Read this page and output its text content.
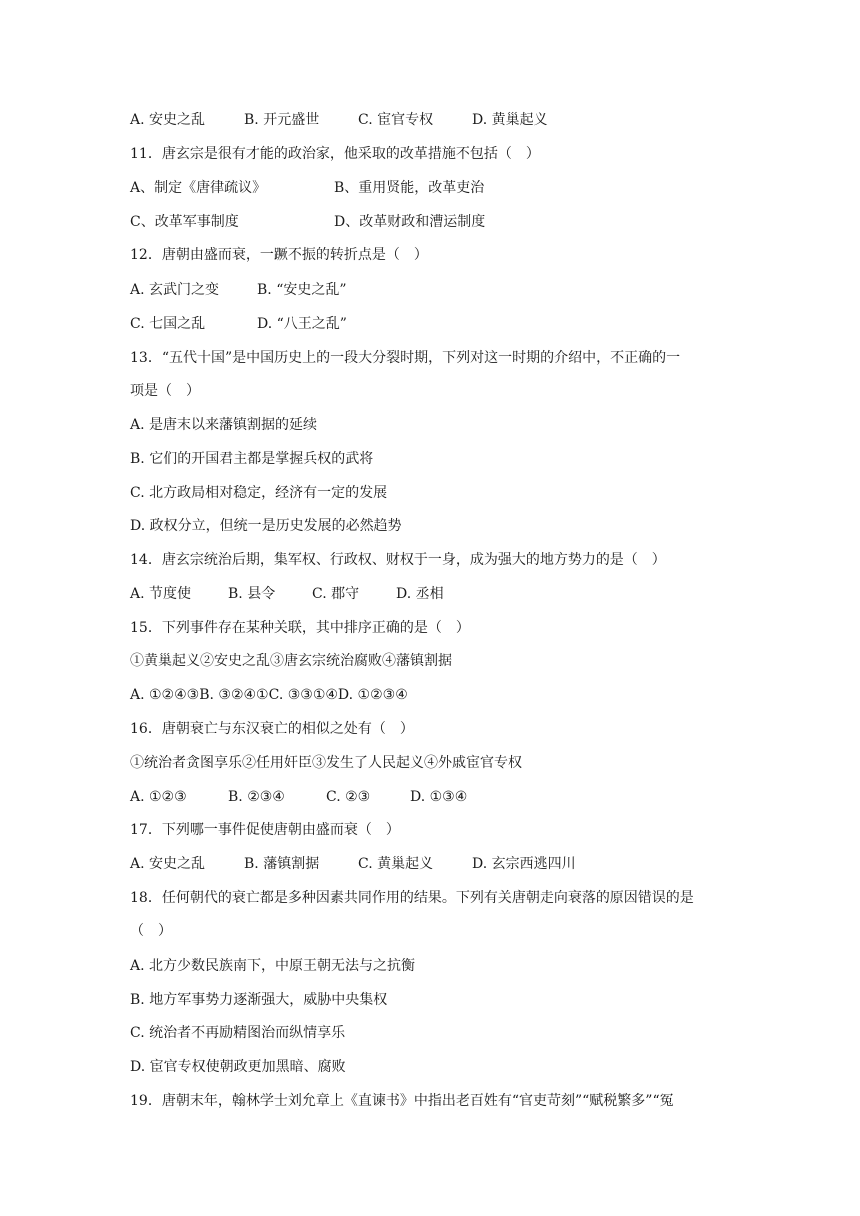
A. 安史之乱	B. 开元盛世	C. 宦官专权	D. 黄巢起义
11．唐玄宗是很有才能的政治家，他采取的改革措施不包括（　）
A、制定《唐律疏议》	B、重用贤能，改革吏治
C、改革军事制度	D、改革财政和漕运制度
12．唐朝由盛而衰，一蹶不振的转折点是（　）
A. 玄武门之变	B. “安史之乱”
C. 七国之乱	D. “八王之乱”
13．“五代十国”是中国历史上的一段大分裂时期，下列对这一时期的介绍中，不正确的一
项是（　）
A. 是唐末以来藩镇割据的延续
B. 它们的开国君主都是掌握兵权的武将
C. 北方政局相对稳定，经济有一定的发展
D. 政权分立，但统一是历史发展的必然趋势
14．唐玄宗统治后期，集军权、行政权、财权于一身，成为强大的地方势力的是（　）
A. 节度使	B. 县令	C. 郡守	D. 丞相
15．下列事件存在某种关联，其中排序正确的是（　）
①黄巢起义②安史之乱③唐玄宗统治腐败④藩镇割据
A. ①②④③B. ③②④①C. ③③①④D. ①②③④
16．唐朝衰亡与东汉衰亡的相似之处有（　）
①统治者贪图享乐②任用奸臣③发生了人民起义④外戚宦官专权
A. ①②③	B. ②③④	C. ②③	D. ①③④
17．下列哪一事件促使唐朝由盛而衰（　）
A. 安史之乱	B. 藩镇割据	C. 黄巢起义	D. 玄宗西逃四川
18．任何朝代的衰亡都是多种因素共同作用的结果。下列有关唐朝走向衰落的原因错误的是
（　）
A. 北方少数民族南下，中原王朝无法与之抗衡
B. 地方军事势力逐渐强大，威胁中央集权
C. 统治者不再励精图治而纵情享乐
D. 宦官专权使朝政更加黑暗、腐败
19．唐朝末年，翰林学士刘允章上《直谏书》中指出老百姓有“官吏苛刻”“赋税繁多”“冤
